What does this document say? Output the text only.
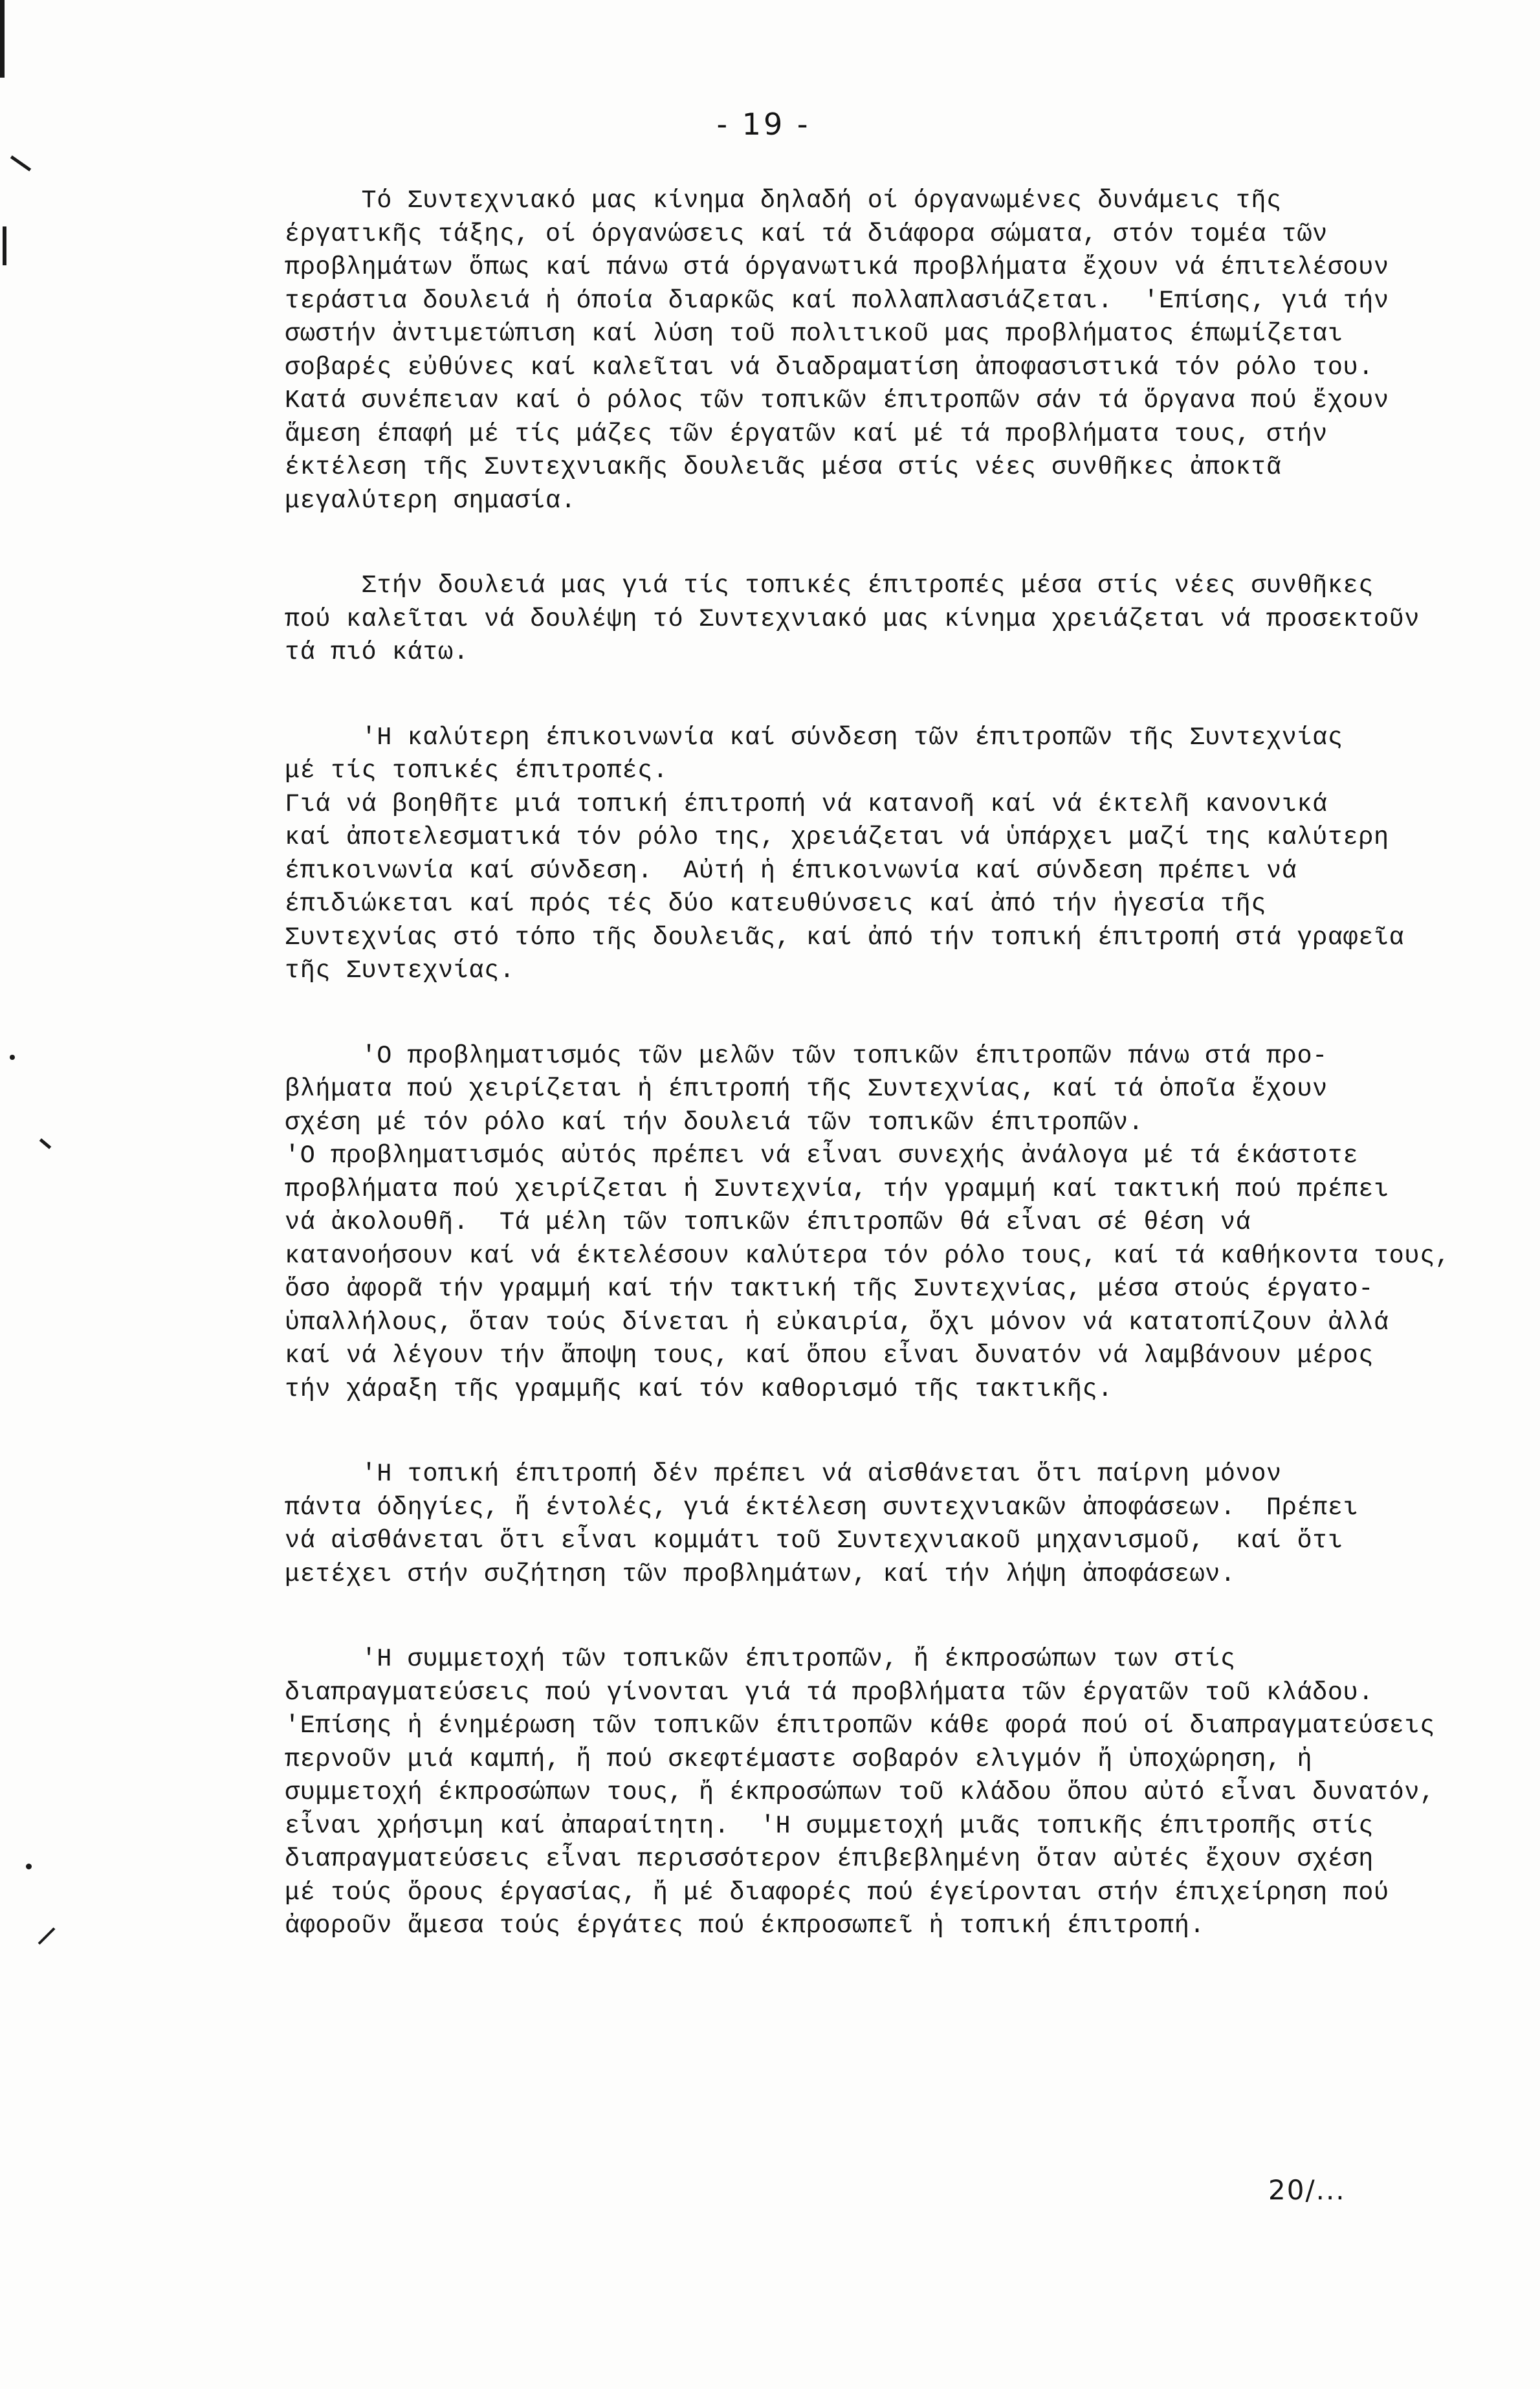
- 19 -
Τό Συντεχνιακό μας κίνημα δηλαδή οί όργανωμένες δυνάμεις τῆς
έργατικῆς τάξης, οί όργανώσεις καί τά διάφορα σώματα, στόν τομέα τῶν
προβλημάτων ὅπως καί πάνω στά όργανωτικά προβλήματα ἔχουν νά έπιτελέσουν
τεράστια δουλειά ἡ όποία διαρκῶς καί πολλαπλασιάζεται.  'Επίσης, γιά τήν
σωστήν ἀντιμετώπιση καί λύση τοῦ πολιτικοῦ μας προβλήματος έπωμίζεται
σοβαρές εὐθύνες καί καλεῖται νά διαδραματίση ἀποφασιστικά τόν ρόλο του.
Κατά συνέπειαν καί ὁ ρόλος τῶν τοπικῶν έπιτροπῶν σάν τά ὅργανα πού ἔχουν
ἅμεση έπαφή μέ τίς μάζες τῶν έργατῶν καί μέ τά προβλήματα τους, στήν
έκτέλεση τῆς Συντεχνιακῆς δουλειᾶς μέσα στίς νέες συνθῆκες ἀποκτᾶ
μεγαλύτερη σημασία.
Στήν δουλειά μας γιά τίς τοπικές έπιτροπές μέσα στίς νέες συνθῆκες
πού καλεῖται νά δουλέψη τό Συντεχνιακό μας κίνημα χρειάζεται νά προσεκτοῦν
τά πιό κάτω.
'Η καλύτερη έπικοινωνία καί σύνδεση τῶν έπιτροπῶν τῆς Συντεχνίας
μέ τίς τοπικές έπιτροπές.
Γιά νά βοηθῆτε μιά τοπική έπιτροπή νά κατανοῆ καί νά έκτελῆ κανονικά
καί ἀποτελεσματικά τόν ρόλο της, χρειάζεται νά ὑπάρχει μαζί της καλύτερη
έπικοινωνία καί σύνδεση.  Αὐτή ἡ έπικοινωνία καί σύνδεση πρέπει νά
έπιδιώκεται καί πρός τές δύο κατευθύνσεις καί ἀπό τήν ἡγεσία τῆς
Συντεχνίας στό τόπο τῆς δουλειᾶς, καί ἀπό τήν τοπική έπιτροπή στά γραφεῖα
τῆς Συντεχνίας.
'Ο προβληματισμός τῶν μελῶν τῶν τοπικῶν έπιτροπῶν πάνω στά προ-
βλήματα πού χειρίζεται ἡ έπιτροπή τῆς Συντεχνίας, καί τά ὁποῖα ἔχουν
σχέση μέ τόν ρόλο καί τήν δουλειά τῶν τοπικῶν έπιτροπῶν.
'Ο προβληματισμός αὐτός πρέπει νά εἶναι συνεχής ἀνάλογα μέ τά έκάστοτε
προβλήματα πού χειρίζεται ἡ Συντεχνία, τήν γραμμή καί τακτική πού πρέπει
νά ἀκολουθῆ.  Τά μέλη τῶν τοπικῶν έπιτροπῶν θά εἶναι σέ θέση νά
κατανοήσουν καί νά έκτελέσουν καλύτερα τόν ρόλο τους, καί τά καθήκοντα τους,
ὅσο ἀφορᾶ τήν γραμμή καί τήν τακτική τῆς Συντεχνίας, μέσα στούς έργατο-
ὑπαλλήλους, ὅταν τούς δίνεται ἡ εὐκαιρία, ὄχι μόνον νά κατατοπίζουν ἀλλά
καί νά λέγουν τήν ἄποψη τους, καί ὅπου εἶναι δυνατόν νά λαμβάνουν μέρος
τήν χάραξη τῆς γραμμῆς καί τόν καθορισμό τῆς τακτικῆς.
'Η τοπική έπιτροπή δέν πρέπει νά αἰσθάνεται ὅτι παίρνη μόνον
πάντα όδηγίες, ἤ έντολές, γιά έκτέλεση συντεχνιακῶν ἀποφάσεων.  Πρέπει
νά αἰσθάνεται ὅτι εἶναι κομμάτι τοῦ Συντεχνιακοῦ μηχανισμοῦ,  καί ὅτι
μετέχει στήν συζήτηση τῶν προβλημάτων, καί τήν λήψη ἀποφάσεων.
'Η συμμετοχή τῶν τοπικῶν έπιτροπῶν, ἤ έκπροσώπων των στίς
διαπραγματεύσεις πού γίνονται γιά τά προβλήματα τῶν έργατῶν τοῦ κλάδου.
'Επίσης ἡ ένημέρωση τῶν τοπικῶν έπιτροπῶν κάθε φορά πού οί διαπραγματεύσεις
περνοῦν μιά καμπή, ἤ πού σκεφτέμαστε σοβαρόν ελιγμόν ἤ ὑποχώρηση, ἡ
συμμετοχή έκπροσώπων τους, ἤ έκπροσώπων τοῦ κλάδου ὅπου αὐτό εἶναι δυνατόν,
εἶναι χρήσιμη καί ἀπαραίτητη.  'Η συμμετοχή μιᾶς τοπικῆς έπιτροπῆς στίς
διαπραγματεύσεις εἶναι περισσότερον έπιβεβλημένη ὅταν αὐτές ἔχουν σχέση
μέ τούς ὅρους έργασίας, ἤ μέ διαφορές πού έγείρονται στήν έπιχείρηση πού
ἀφοροῦν ἄμεσα τούς έργάτες πού έκπροσωπεῖ ἡ τοπική έπιτροπή.
20/...
